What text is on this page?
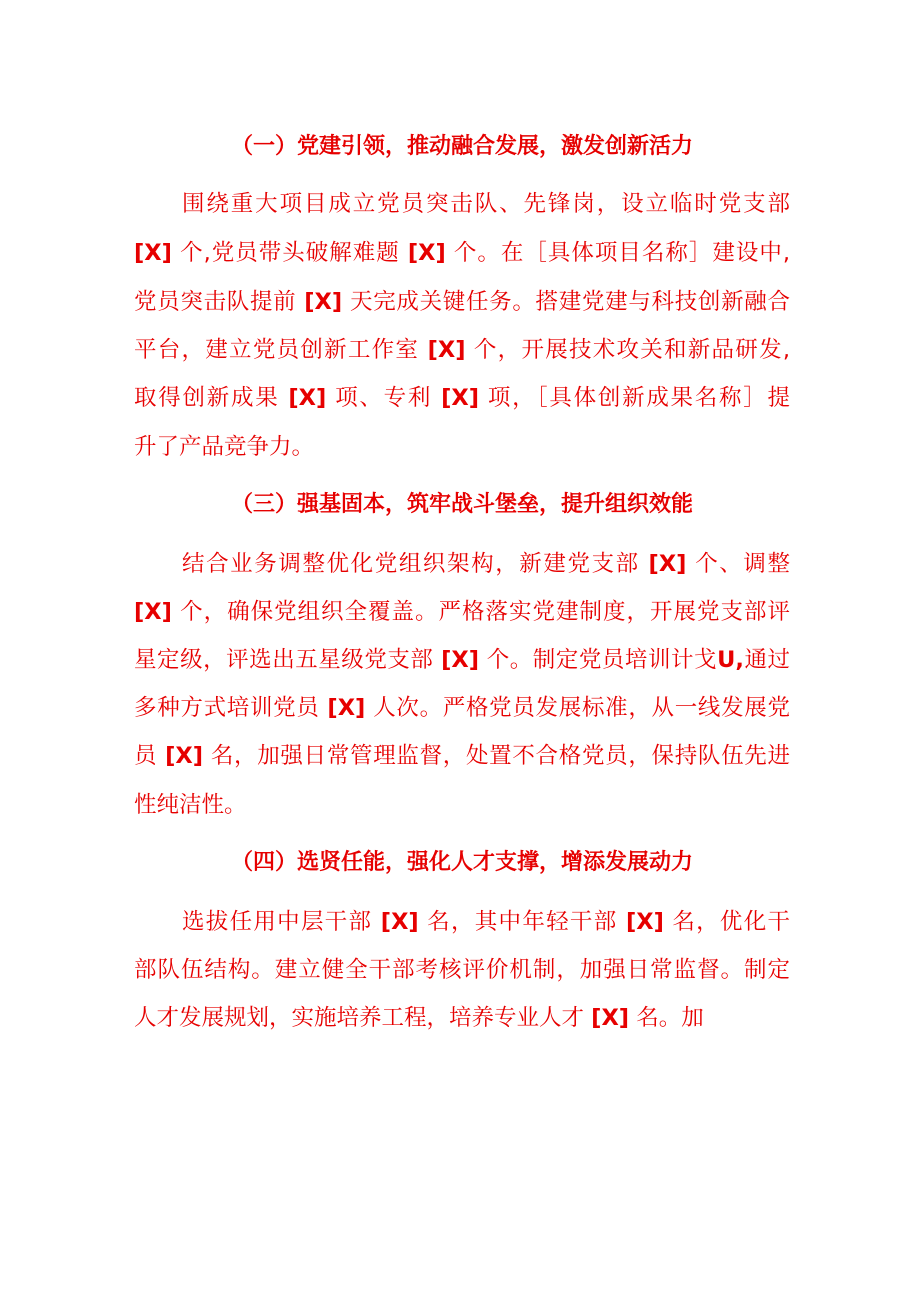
（一）党建引领，推动融合发展，激发创新活力
围绕重大项目成立党员突击队、先锋岗，设立临时党支部
[X] 个,党员带头破解难题 [X] 个。在［具体项目名称］建设中,
党员突击队提前 [X] 天完成关键任务。搭建党建与科技创新融合
平台，建立党员创新工作室 [X] 个，开展技术攻关和新品研发,
取得创新成果 [X] 项、专利 [X] 项，［具体创新成果名称］提
升了产品竞争力。
（三）强基固本，筑牢战斗堡垒，提升组织效能
结合业务调整优化党组织架构，新建党支部 [X] 个、调整
[X] 个，确保党组织全覆盖。严格落实党建制度，开展党支部评
星定级，评选出五星级党支部 [X] 个。制定党员培训计戈U,通过
多种方式培训党员 [X] 人次。严格党员发展标准，从一线发展党
员 [X] 名，加强日常管理监督，处置不合格党员，保持队伍先进
性纯洁性。
（四）选贤任能，强化人才支撑，增添发展动力
选拔任用中层干部 [X] 名，其中年轻干部 [X] 名，优化干
部队伍结构。建立健全干部考核评价机制，加强日常监督。制定
人才发展规划，实施培养工程，培养专业人才 [X] 名。加
